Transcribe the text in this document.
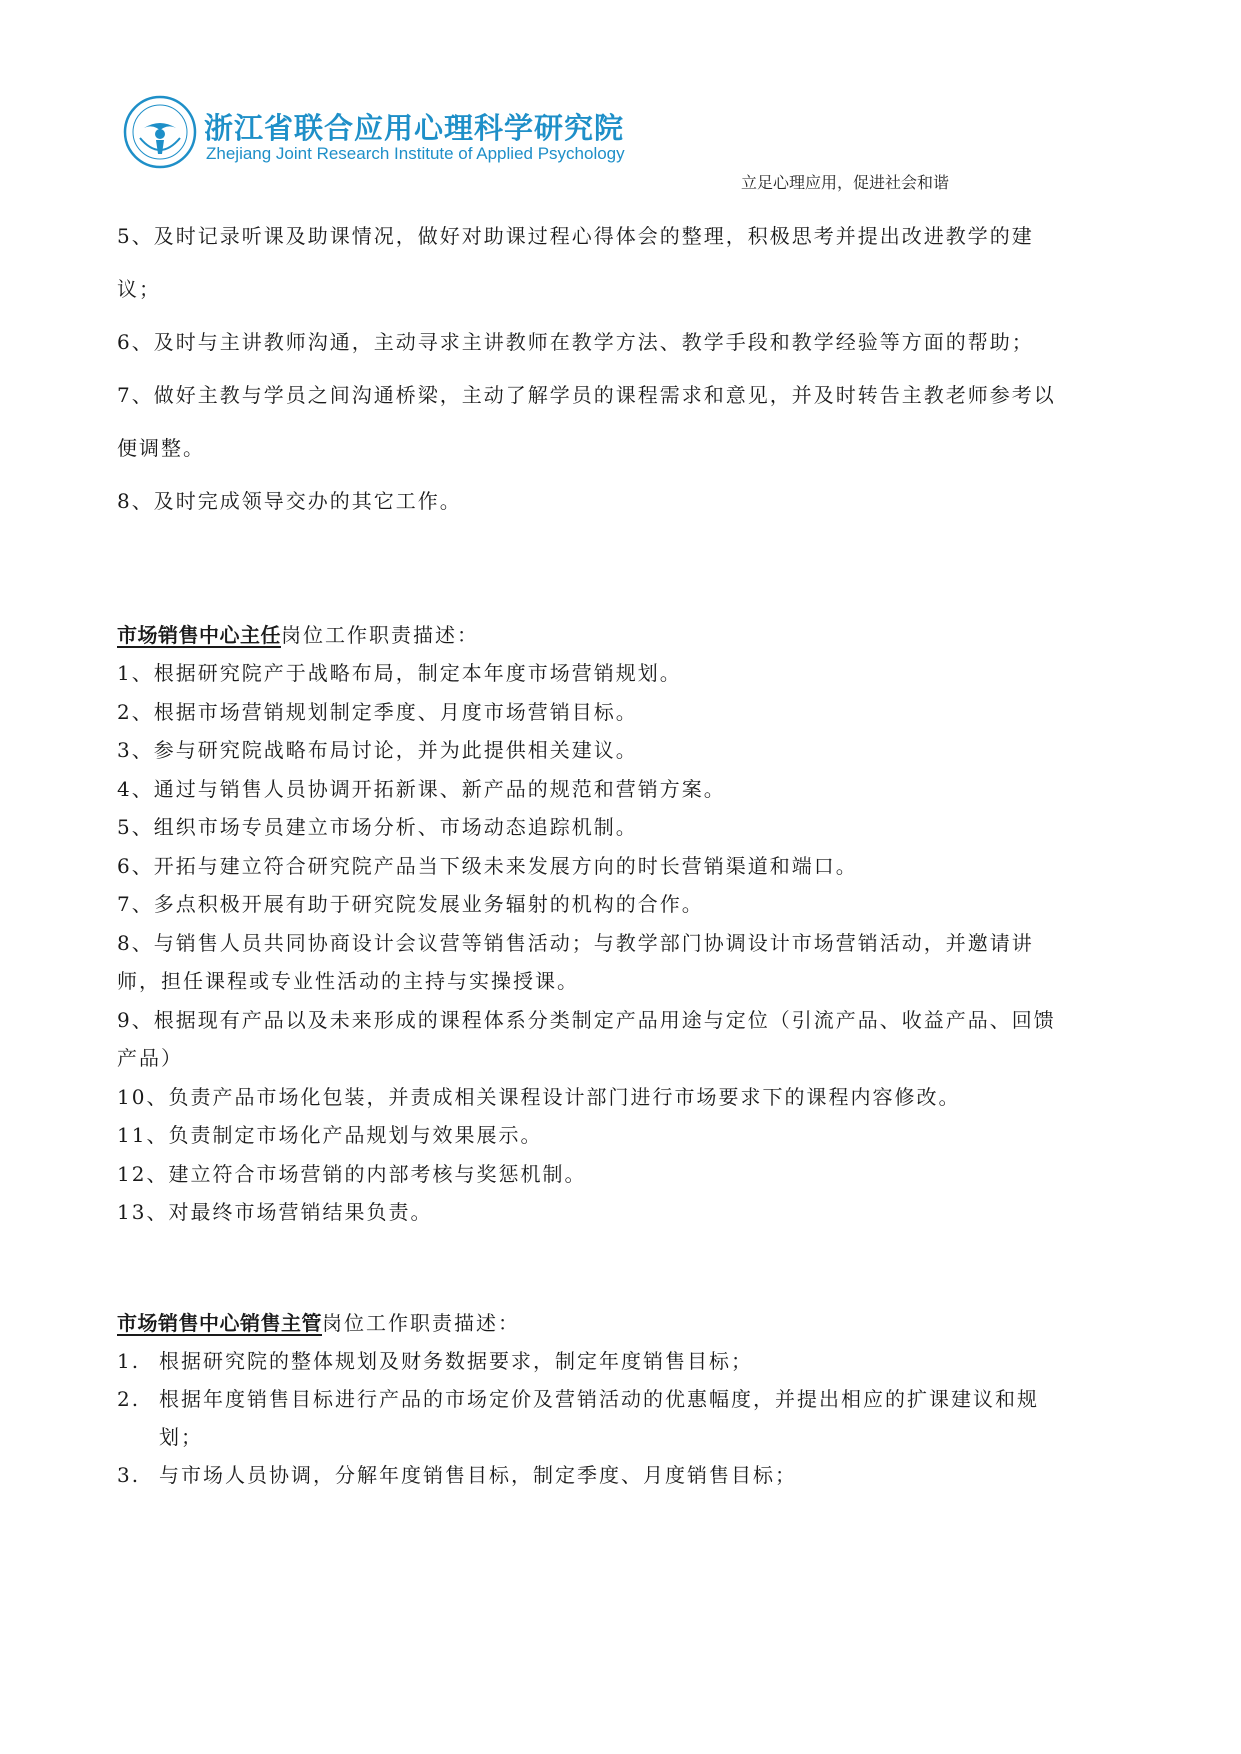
浙江省联合应用心理科学研究院
Zhejiang Joint Research Institute of Applied Psychology
立足心理应用，促进社会和谐

5、及时记录听课及助课情况，做好对助课过程心得体会的整理，积极思考并提出改进教学的建议；

6、及时与主讲教师沟通，主动寻求主讲教师在教学方法、教学手段和教学经验等方面的帮助；

7、做好主教与学员之间沟通桥梁，主动了解学员的课程需求和意见，并及时转告主教老师参考以便调整。

8、及时完成领导交办的其它工作。

市场销售中心主任岗位工作职责描述：

1、根据研究院产于战略布局，制定本年度市场营销规划。

2、根据市场营销规划制定季度、月度市场营销目标。

3、参与研究院战略布局讨论，并为此提供相关建议。

4、通过与销售人员协调开拓新课、新产品的规范和营销方案。

5、组织市场专员建立市场分析、市场动态追踪机制。

6、开拓与建立符合研究院产品当下级未来发展方向的时长营销渠道和端口。

7、多点积极开展有助于研究院发展业务辐射的机构的合作。

8、与销售人员共同协商设计会议营等销售活动；与教学部门协调设计市场营销活动，并邀请讲师，担任课程或专业性活动的主持与实操授课。

9、根据现有产品以及未来形成的课程体系分类制定产品用途与定位（引流产品、收益产品、回馈产品）

10、负责产品市场化包装，并责成相关课程设计部门进行市场要求下的课程内容修改。

11、负责制定市场化产品规划与效果展示。

12、建立符合市场营销的内部考核与奖惩机制。

13、对最终市场营销结果负责。

市场销售中心销售主管岗位工作职责描述：

1. 根据研究院的整体规划及财务数据要求，制定年度销售目标；
2. 根据年度销售目标进行产品的市场定价及营销活动的优惠幅度，并提出相应的扩课建议和规划；
3. 与市场人员协调，分解年度销售目标，制定季度、月度销售目标；
